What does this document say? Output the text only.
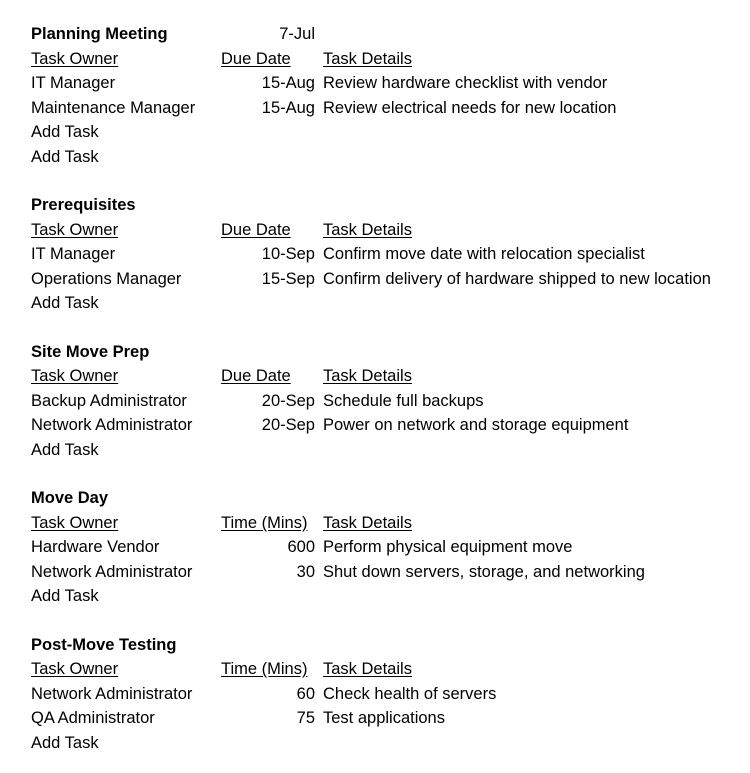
Planning Meeting	7-Jul
Task Owner	Due Date	Task Details
IT Manager	15-Aug Review hardware checklist with vendor
Maintenance Manager	15-Aug Review electrical needs for new location
Add Task
Add Task
Prerequisites
Task Owner	Due Date	Task Details
IT Manager	10-Sep Confirm move date with relocation specialist
Operations Manager	15-Sep Confirm delivery of hardware shipped to new location
Add Task
Site Move Prep
Task Owner	Due Date	Task Details
Backup Administrator	20-Sep Schedule full backups
Network Administrator	20-Sep Power on network and storage equipment
Add Task
Move Day
Task Owner	Time (Mins) Task Details
Hardware Vendor	600 Perform physical equipment move
Network Administrator	30 Shut down servers, storage, and networking
Add Task
Post-Move Testing
Task Owner	Time (Mins) Task Details
Network Administrator	60 Check health of servers
QA Administrator	75 Test applications
Add Task
